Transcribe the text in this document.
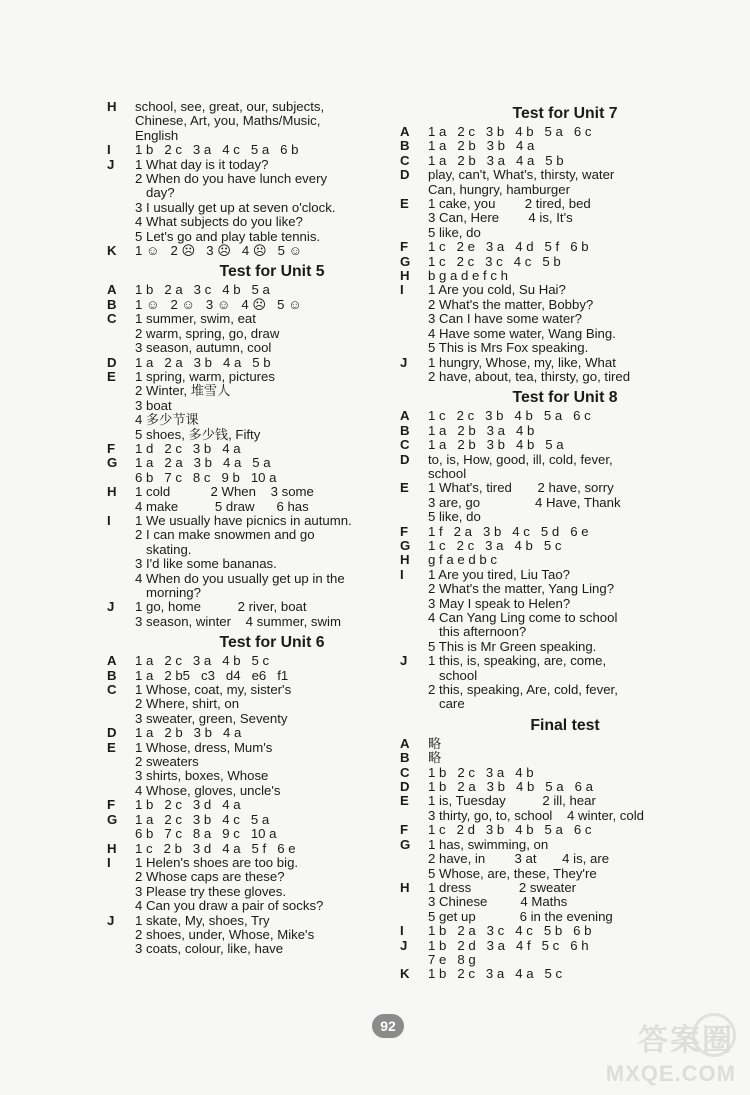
H	school, see, great, our, subjects,
Chinese, Art, you, Maths/Music,
English
I	1 b   2 c   3 a   4 c   5 a   6 b
J	1 What day is it today?
2 When do you have lunch every
day?
3 I usually get up at seven o'clock.
4 What subjects do you like?
5 Let's go and play table tennis.
K	1 ☺   2 ☹   3 ☹   4 ☹   5 ☺
Test for Unit 5
A	1 b   2 a   3 c   4 b   5 a
B	1 ☺   2 ☺   3 ☺   4 ☹   5 ☺
C	1 summer, swim, eat
2 warm, spring, go, draw
3 season, autumn, cool
D	1 a   2 a   3 b   4 a   5 b
E	1 spring, warm, pictures
2 Winter, 堆雪人
3 boat
4 多少节课
5 shoes, 多少钱, Fifty
F	1 d   2 c   3 b   4 a
G	1 a   2 a   3 b   4 a   5 a
6 b   7 c   8 c   9 b   10 a
H	1 cold           2 When    3 some
4 make          5 draw      6 has
I	1 We usually have picnics in autumn.
2 I can make snowmen and go
skating.
3 I'd like some bananas.
4 When do you usually get up in the
morning?
J	1 go, home          2 river, boat
3 season, winter    4 summer, swim
Test for Unit 6
A	1 a   2 c   3 a   4 b   5 c
B	1 a   2 b5   c3   d4   e6   f1
C	1 Whose, coat, my, sister's
2 Where, shirt, on
3 sweater, green, Seventy
D	1 a   2 b   3 b   4 a
E	1 Whose, dress, Mum's
2 sweaters
3 shirts, boxes, Whose
4 Whose, gloves, uncle's
F	1 b   2 c   3 d   4 a
G	1 a   2 c   3 b   4 c   5 a
6 b   7 c   8 a   9 c   10 a
H	1 c   2 b   3 d   4 a   5 f   6 e
I	1 Helen's shoes are too big.
2 Whose caps are these?
3 Please try these gloves.
4 Can you draw a pair of socks?
J	1 skate, My, shoes, Try
2 shoes, under, Whose, Mike's
3 coats, colour, like, have
Test for Unit 7
A	1 a   2 c   3 b   4 b   5 a   6 c
B	1 a   2 b   3 b   4 a
C	1 a   2 b   3 a   4 a   5 b
D	play, can't, What's, thirsty, water
Can, hungry, hamburger
E	1 cake, you        2 tired, bed
3 Can, Here        4 is, It's
5 like, do
F	1 c   2 e   3 a   4 d   5 f   6 b
G	1 c   2 c   3 c   4 c   5 b
H	b g a d e f c h
I	1 Are you cold, Su Hai?
2 What's the matter, Bobby?
3 Can I have some water?
4 Have some water, Wang Bing.
5 This is Mrs Fox speaking.
J	1 hungry, Whose, my, like, What
2 have, about, tea, thirsty, go, tired
Test for Unit 8
A	1 c   2 c   3 b   4 b   5 a   6 c
B	1 a   2 b   3 a   4 b
C	1 a   2 b   3 b   4 b   5 a
D	to, is, How, good, ill, cold, fever,
school
E	1 What's, tired       2 have, sorry
3 are, go               4 Have, Thank
5 like, do
F	1 f   2 a   3 b   4 c   5 d   6 e
G	1 c   2 c   3 a   4 b   5 c
H	g f a e d b c
I	1 Are you tired, Liu Tao?
2 What's the matter, Yang Ling?
3 May I speak to Helen?
4 Can Yang Ling come to school
this afternoon?
5 This is Mr Green speaking.
J	1 this, is, speaking, are, come,
school
2 this, speaking, Are, cold, fever,
care
Final test
A	略
B	略
C	1 b   2 c   3 a   4 b
D	1 b   2 a   3 b   4 b   5 a   6 a
E	1 is, Tuesday          2 ill, hear
3 thirty, go, to, school    4 winter, cold
F	1 c   2 d   3 b   4 b   5 a   6 c
G	1 has, swimming, on
2 have, in        3 at       4 is, are
5 Whose, are, these, They're
H	1 dress             2 sweater
3 Chinese         4 Maths
5 get up            6 in the evening
I	1 b   2 a   3 c   4 c   5 b   6 b
J	1 b   2 d   3 a   4 f   5 c   6 h
7 e   8 g
K	1 b   2 c   3 a   4 a   5 c
92	答案圈
MXQE.COM
